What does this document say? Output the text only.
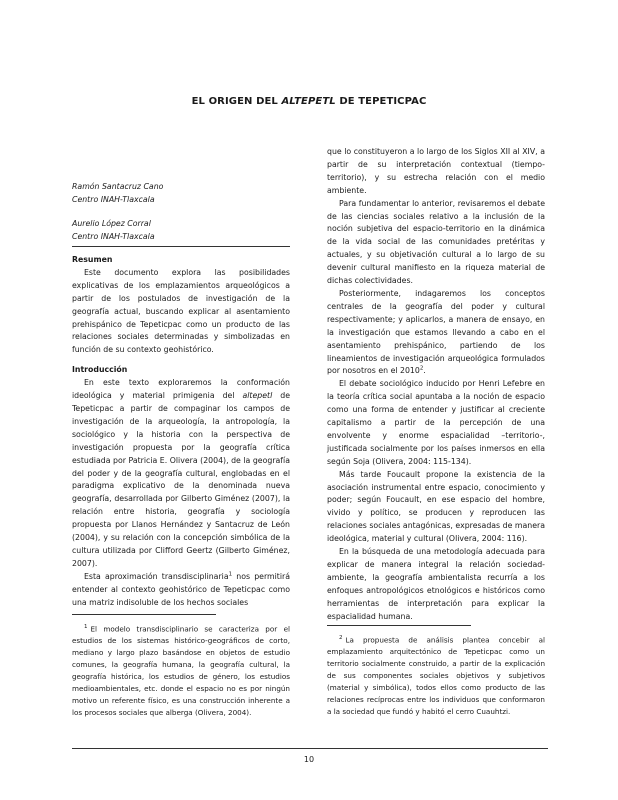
EL ORIGEN DEL ALTEPETL DE TEPETICPAC
Ramón Santacruz Cano
Centro INAH-Tlaxcala
Aurelio López Corral
Centro INAH-Tlaxcala
Resumen

Este documento explora las posibilidades explicativas de los emplazamientos arqueológicos a partir de los postulados de investigación de la geografía actual, buscando explicar al asentamiento prehispánico de Tepeticpac como un producto de las relaciones sociales determinadas y simbolizadas en función de su contexto geohistórico.

Introducción

En este texto exploraremos la conformación ideológica y material primigenia del altepetl de Tepeticpac a partir de compaginar los campos de investigación de la arqueología, la antropología, la sociológico y la historia con la perspectiva de investigación propuesta por la geografía crítica estudiada por Patricia E. Olivera (2004), de la geografía del poder y de la geografía cultural, englobadas en el paradigma explicativo de la denominada nueva geografía, desarrollada por Gilberto Giménez (2007), la relación entre historia, geografía y sociología propuesta por Llanos Hernández y Santacruz de León (2004), y su relación con la concepción simbólica de la cultura utilizada por Clifford Geertz (Gilberto Giménez, 2007).

Esta aproximación transdisciplinaria$^1$ nos permitirá entender al contexto geohistórico de Tepeticpac como una matriz indisoluble de los hechos sociales

$^1$ El modelo transdisciplinario se caracteriza por el estudios de los sistemas histórico-geográficos de corto, mediano y largo plazo basándose en objetos de estudio comunes, la geografía humana, la geografía cultural, la geografía histórica, los estudios de género, los estudios medioambientales, etc. donde el espacio no es por ningún motivo un referente físico, es una construcción inherente a los procesos sociales que alberga (Olivera, 2004).

que lo constituyeron a lo largo de los Siglos XII al XIV, a partir de su interpretación contextual (tiempo-territorio), y su estrecha relación con el medio ambiente.

Para fundamentar lo anterior, revisaremos el debate de las ciencias sociales relativo a la inclusión de la noción subjetiva del espacio-territorio en la dinámica de la vida social de las comunidades pretéritas y actuales, y su objetivación cultural a lo largo de su devenir cultural manifiesto en la riqueza material de dichas colectividades.

Posteriormente, indagaremos los conceptos centrales de la geografía del poder y cultural respectivamente; y aplicarlos, a manera de ensayo, en la investigación que estamos llevando a cabo en el asentamiento prehispánico, partiendo de los lineamientos de investigación arqueológica formulados por nosotros en el 2010$^2$.

El debate sociológico inducido por Henri Lefebre en la teoría crítica social apuntaba a la noción de espacio como una forma de entender y justificar al creciente capitalismo a partir de la percepción de una envolvente y enorme espacialidad –territorio-, justificada socialmente por los países inmersos en ella según Soja (Olivera, 2004: 115-134).

Más tarde Foucault propone la existencia de la asociación instrumental entre espacio, conocimiento y poder; según Foucault, en ese espacio del hombre, vivido y político, se producen y reproducen las relaciones sociales antagónicas, expresadas de manera ideológica, material y cultural (Olivera, 2004: 116).

En la búsqueda de una metodología adecuada para explicar de manera integral la relación sociedad-ambiente, la geografía ambientalista recurría a los enfoques antropológicos etnológicos e históricos como herramientas de interpretación para explicar la espacialidad humana.

$^2$ La propuesta de análisis plantea concebir al emplazamiento arquitectónico de Tepeticpac como un territorio socialmente construido, a partir de la explicación de sus componentes sociales objetivos y subjetivos (material y simbólica), todos ellos como producto de las relaciones recíprocas entre los individuos que conformaron a la sociedad que fundó y habitó el cerro Cuauhtzi.

10
